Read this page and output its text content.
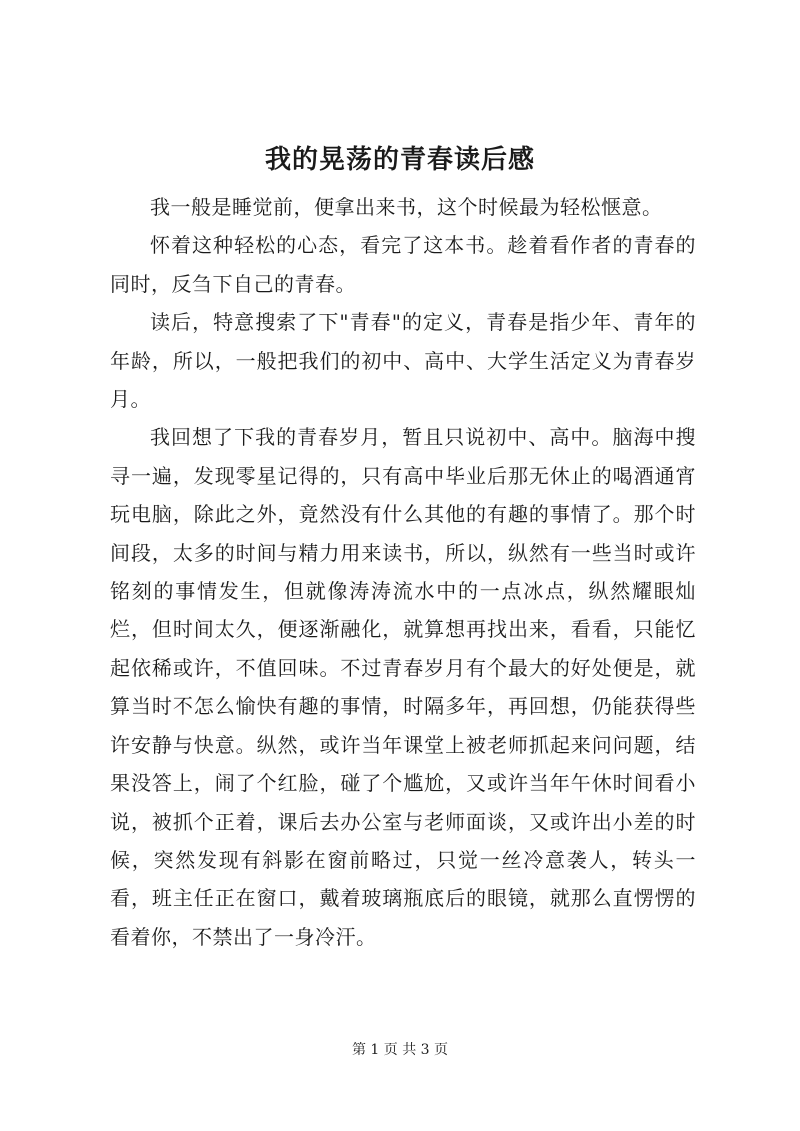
我的晃荡的青春读后感

我一般是睡觉前，便拿出来书，这个时候最为轻松惬意。

怀着这种轻松的心态，看完了这本书。趁着看作者的青春的同时，反刍下自己的青春。

读后，特意搜索了下"青春"的定义，青春是指少年、青年的年龄，所以，一般把我们的初中、高中、大学生活定义为青春岁月。

我回想了下我的青春岁月，暂且只说初中、高中。脑海中搜寻一遍，发现零星记得的，只有高中毕业后那无休止的喝酒通宵玩电脑，除此之外，竟然没有什么其他的有趣的事情了。那个时间段，太多的时间与精力用来读书，所以，纵然有一些当时或许铭刻的事情发生，但就像涛涛流水中的一点冰点，纵然耀眼灿烂，但时间太久，便逐渐融化，就算想再找出来，看看，只能忆起依稀或许，不值回味。不过青春岁月有个最大的好处便是，就算当时不怎么愉快有趣的事情，时隔多年，再回想，仍能获得些许安静与快意。纵然，或许当年课堂上被老师抓起来问问题，结果没答上，闹了个红脸，碰了个尴尬，又或许当年午休时间看小说，被抓个正着，课后去办公室与老师面谈，又或许出小差的时候，突然发现有斜影在窗前略过，只觉一丝冷意袭人，转头一看，班主任正在窗口，戴着玻璃瓶底后的眼镜，就那么直愣愣的看着你，不禁出了一身冷汗。

第 1 页 共 3 页
